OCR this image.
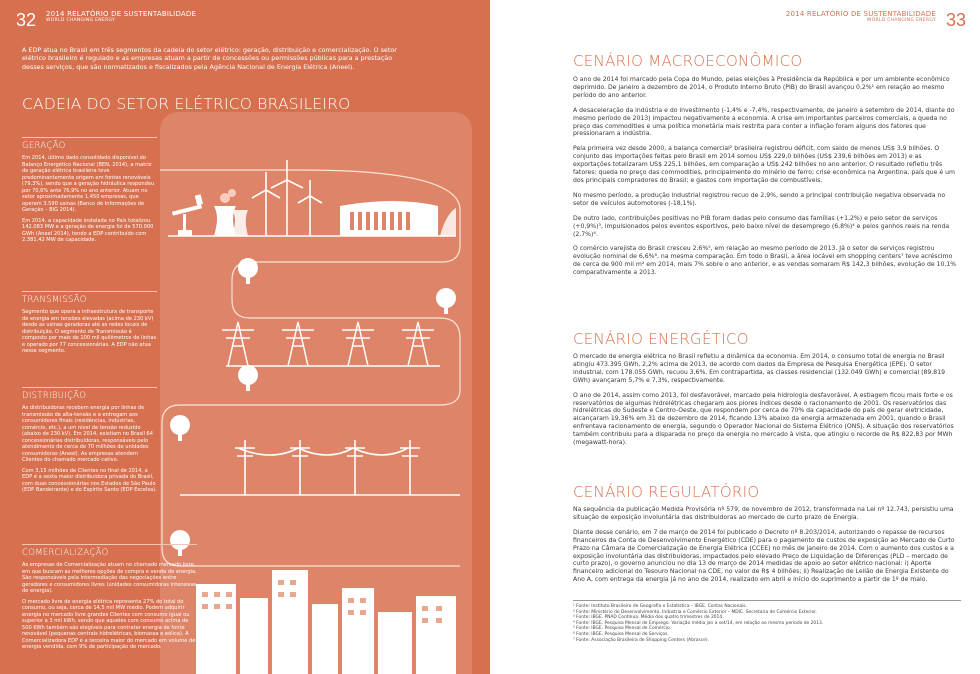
32 2014 RELATÓRIO DE SUSTENTABILIDADE
WORLD CHANGING ENERGY

A EDP atua no Brasil em três segmentos da cadeia do setor elétrico: geração, distribuição e comercialização. O setor elétrico brasileiro é regulado e as empresas atuam a partir de concessões ou permissões públicas para a prestação desses serviços, que são normatizados e fiscalizados pela Agência Nacional de Energia Elétrica (Aneel).

CADEIA DO SETOR ELÉTRICO BRASILEIRO
GERAÇÃO

Em 2014, último dado consolidado disponível do Balanço Energético Nacional (BEN, 2014), a matriz de geração elétrica brasileira teve predominantemente origem em fontes renováveis (79,3%), sendo que a geração hidráulica respondeu por 70,6% ante 76,9% no ano anterior. Atuam no setor aproximadamente 1.450 empresas, que operam 3.590 usinas (Banco de Informações de Geração – BIG 2014).

Em 2014, a capacidade instalada no País totalizou 142.083 MW e a geração de energia foi de 570.000 GWh (Aneel 2014), tendo a EDP contribuído com 2.381,42 MW de capacidade.

TRANSMISSÃO

Segmento que opera a infraestrutura de transporte de energia em tensões elevadas (acima de 230 kV) desde as usinas geradoras até as redes locais de distribuição. O segmento de Transmissão é composto por mais de 100 mil quilômetros de linhas e operado por 77 concessionárias. A EDP não atua nesse segmento.

DISTRIBUIÇÃO

As distribuidoras recebem energia por linhas de transmissão de alta-tensão e a entregam aos consumidores finais (residências, indústrias, comércio, etc.), a um nível de tensão reduzido (abaixo de 230 kV). Em 2014, existiam no Brasil 64 concessionárias distribuidoras, responsáveis pelo atendimento de cerca de 70 milhões de unidades consumidoras (Aneel). As empresas atendem Clientes do chamado mercado cativo.

Com 3,15 milhões de Clientes no final de 2014, a EDP é a sexta maior distribuidora privada do Brasil, com duas concessionárias nos Estados de São Paulo (EDP Bandeirante) e do Espírito Santo (EDP Escelsa).

COMERCIALIZAÇÃO

As empresas de Comercialização atuam no chamado mercado livre, em que buscam as melhores opções de compra e venda de energia. São responsáveis pela intermediação das negociações entre geradores e consumidores livres (unidades consumidoras intensivas de energia).

O mercado livre de energia elétrica representa 27% do total do consumo, ou seja, cerca de 14,5 mil MW médio. Podem adquirir energia no mercado livre grandes Clientes com consumo igual ou superior a 3 mil kWh, sendo que aqueles com consumo acima de 500 KWh também são elegíveis para contratar energia de fonte renovável (pequenas centrais hidrelétricas, biomassa e eólica). A Comercializadora EDP é a terceira maior do mercado em volume de energia vendida, com 9% de participação de mercado.

2014 RELATÓRIO DE SUSTENTABILIDADE
WORLD CHANGING ENERGY 33
CENÁRIO MACROECONÔMICO

O ano de 2014 foi marcado pela Copa do Mundo, pelas eleições à Presidência da República e por um ambiente econômico deprimido. De janeiro a dezembro de 2014, o Produto Interno Bruto (PIB) do Brasil avançou 0,2%¹ em relação ao mesmo período do ano anterior.

A desaceleração da indústria e do investimento (-1,4% e -7,4%, respectivamente, de janeiro a setembro de 2014, diante do mesmo período de 2013) impactou negativamente a economia. A crise em importantes parceiros comerciais, a queda no preço das commodities e uma política monetária mais restrita para conter a inflação foram alguns dos fatores que pressionaram a indústria.

Pela primeira vez desde 2000, a balança comercial² brasileira registrou déficit, com saldo de menos US$ 3,9 bilhões. O conjunto das importações feitas pelo Brasil em 2014 somou US$ 229,0 bilhões (US$ 239,6 bilhões em 2013) e as exportações totalizaram US$ 225,1 bilhões, em comparação a US$ 242 bilhões no ano anterior. O resultado refletiu três fatores: queda no preço das commodities, principalmente do minério de ferro; crise econômica na Argentina, país que é um dos principais compradores do Brasil; e gastos com importação de combustíveis.

No mesmo período, a produção industrial registrou recuo de 2,9%, sendo a principal contribuição negativa observada no setor de veículos automotores (-18,1%).

De outro lado, contribuições positivas no PIB foram dadas pelo consumo das famílias (+1,2%) e pelo setor de serviços (+0,9%)³, impulsionados pelos eventos esportivos, pelo baixo nível de desemprego (6,8%)⁴ e pelos ganhos reais na renda (2,7%)⁴.

O comércio varejista do Brasil cresceu 2,6%⁵, em relação ao mesmo período de 2013. Já o setor de serviços registrou evolução nominal de 6,6%⁶, na mesma comparação. Em todo o Brasil, a área locável em shopping centers⁷ teve acréscimo de cerca de 900 mil m² em 2014, mais 7% sobre o ano anterior, e as vendas somaram R$ 142,3 bilhões, evolução de 10,1% comparativamente a 2013.

CENÁRIO ENERGÉTICO

O mercado de energia elétrica no Brasil refletiu a dinâmica da economia. Em 2014, o consumo total de energia no Brasil atingiu 473.395 GWh, 2,2% acima de 2013, de acordo com dados da Empresa de Pesquisa Energética (EPE). O setor industrial, com 178.055 GWh, recuou 3,6%. Em contrapartida, as classes residencial (132.049 GWh) e comercial (89.819 GWh) avançaram 5,7% e 7,3%, respectivamente.

O ano de 2014, assim como 2013, foi desfavorável, marcado pela hidrologia desfavorável. A estiagem ficou mais forte e os reservatórios de algumas hidrelétricas chegaram aos piores índices desde o racionamento de 2001. Os reservatórios das hidrelétricas do Sudeste e Centro-Oeste, que respondem por cerca de 70% da capacidade do país de gerar eletricidade, alcançaram 19,36% em 31 de dezembro de 2014, ficando 13% abaixo da energia armazenada em 2001, quando o Brasil enfrentava racionamento de energia, segundo o Operador Nacional do Sistema Elétrico (ONS). A situação dos reservatórios também contribuiu para a disparada no preço da energia no mercado à vista, que atingiu o recorde de R$ 822,83 por MWh (megawatt-hora).

CENÁRIO REGULATÓRIO

Na sequência da publicação Medida Provisória nº 579, de novembro de 2012, transformada na Lei nº 12.743, persistiu uma situação de exposição involuntária das distribuidoras ao mercado de curto prazo de Energia.

Diante desse cenário, em 7 de março de 2014 foi publicado o Decreto nº 8.203/2014, autorizando o repasse de recursos financeiros da Conta de Desenvolvimento Energético (CDE) para o pagamento de custos de exposição ao Mercado de Curto Prazo na Câmara de Comercialização de Energia Elétrica (CCEE) no mês de janeiro de 2014. Com o aumento dos custos e a exposição involuntária das distribuidoras, impactados pelo elevado Preço de Liquidação de Diferenças (PLD – mercado de curto prazo), o governo anunciou no dia 13 de março de 2014 medidas de apoio ao setor elétrico nacional: i) Aporte financeiro adicional do Tesouro Nacional na CDE, no valor de R$ 4 bilhões; ii) Realização de Leilão de Energia Existente do Ano A, com entrega da energia já no ano de 2014, realizado em abril e início do suprimento a partir de 1º de maio.

¹ Fonte: Instituto Brasileiro de Geografia e Estatística – IBGE. Contas Nacionais.
² Fonte: Ministério do Desenvolvimento, Indústria e Comércio Exterior – MDIC. Secretaria de Comércio Exterior.
³ Fonte: IBGE. PNAD Contínua. Média dos quatro trimestres de 2014.
⁴ Fonte: IBGE. Pesquisa Mensal de Emprego. Variação média jan a set/14, em relação ao mesmo período de 2013.
⁵ Fonte: IBGE. Pesquisa Mensal de Comércio.
⁶ Fonte: IBGE. Pesquisa Mensal de Serviços.
⁷ Fonte: Associação Brasileira de Shopping Centers (Abrasce).
